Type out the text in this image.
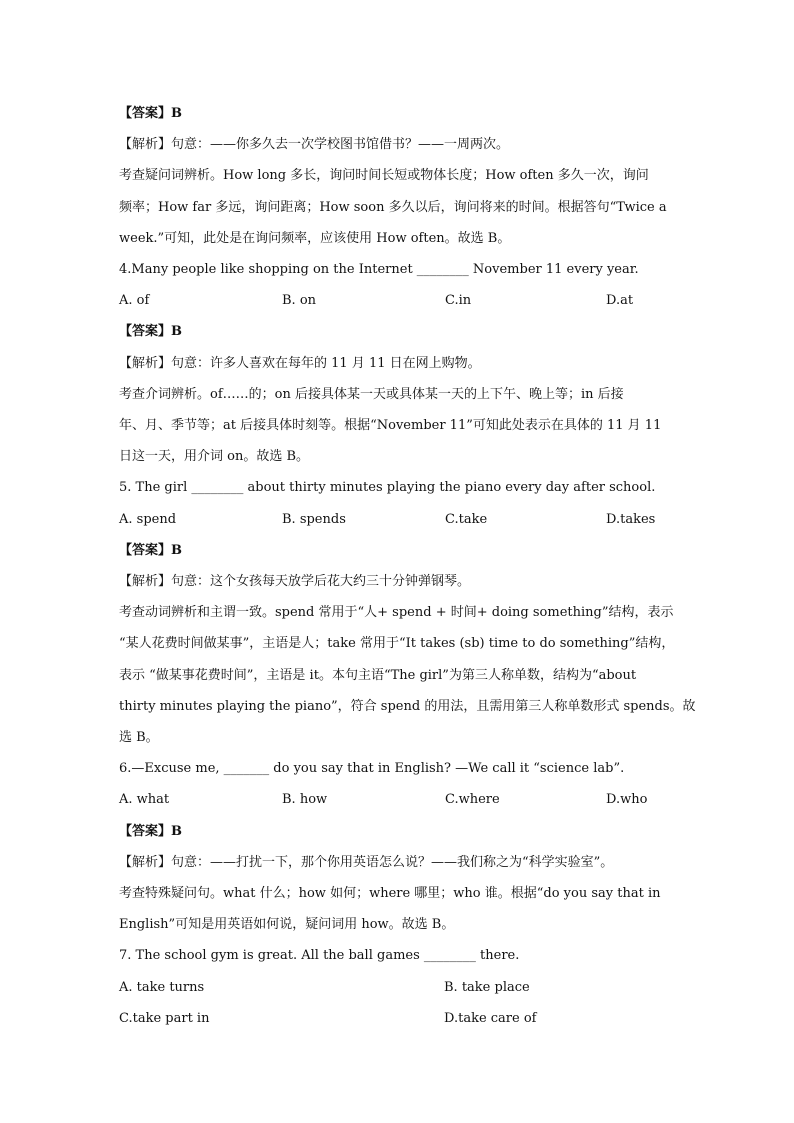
【答案】B
【解析】句意：——你多久去一次学校图书馆借书？——一周两次。
考查疑问词辨析。How long 多长，询问时间长短或物体长度；How often 多久一次，询问
频率；How far 多远，询问距离；How soon 多久以后，询问将来的时间。根据答句“Twice a
week.”可知，此处是在询问频率，应该使用 How often。故选 B。
4.Many people like shopping on the Internet ________ November 11 every year.
A. of	B. on	C.in	D.at
【答案】B
【解析】句意：许多人喜欢在每年的 11 月 11 日在网上购物。
考查介词辨析。of……的；on 后接具体某一天或具体某一天的上下午、晚上等；in 后接
年、月、季节等；at 后接具体时刻等。根据“November 11”可知此处表示在具体的 11 月 11
日这一天，用介词 on。故选 B。
5. The girl ________ about thirty minutes playing the piano every day after school.
A. spend	B. spends	C.take	D.takes
【答案】B
【解析】句意：这个女孩每天放学后花大约三十分钟弹钢琴。
考查动词辨析和主谓一致。spend 常用于“人+ spend + 时间+ doing something”结构，表示
“某人花费时间做某事”，主语是人；take 常用于“It takes (sb) time to do something”结构，
表示 “做某事花费时间”，主语是 it。本句主语“The girl”为第三人称单数，结构为“about
thirty minutes playing the piano”，符合 spend 的用法，且需用第三人称单数形式 spends。故
选 B。
6.—Excuse me, _______ do you say that in English? —We call it “science lab”.
A. what	B. how	C.where	D.who
【答案】B
【解析】句意：——打扰一下，那个你用英语怎么说？——我们称之为“科学实验室”。
考查特殊疑问句。what 什么；how 如何；where 哪里；who 谁。根据“do you say that in
English”可知是用英语如何说，疑问词用 how。故选 B。
7. The school gym is great. All the ball games ________ there.
A. take turns	B. take place
C.take part in	D.take care of
